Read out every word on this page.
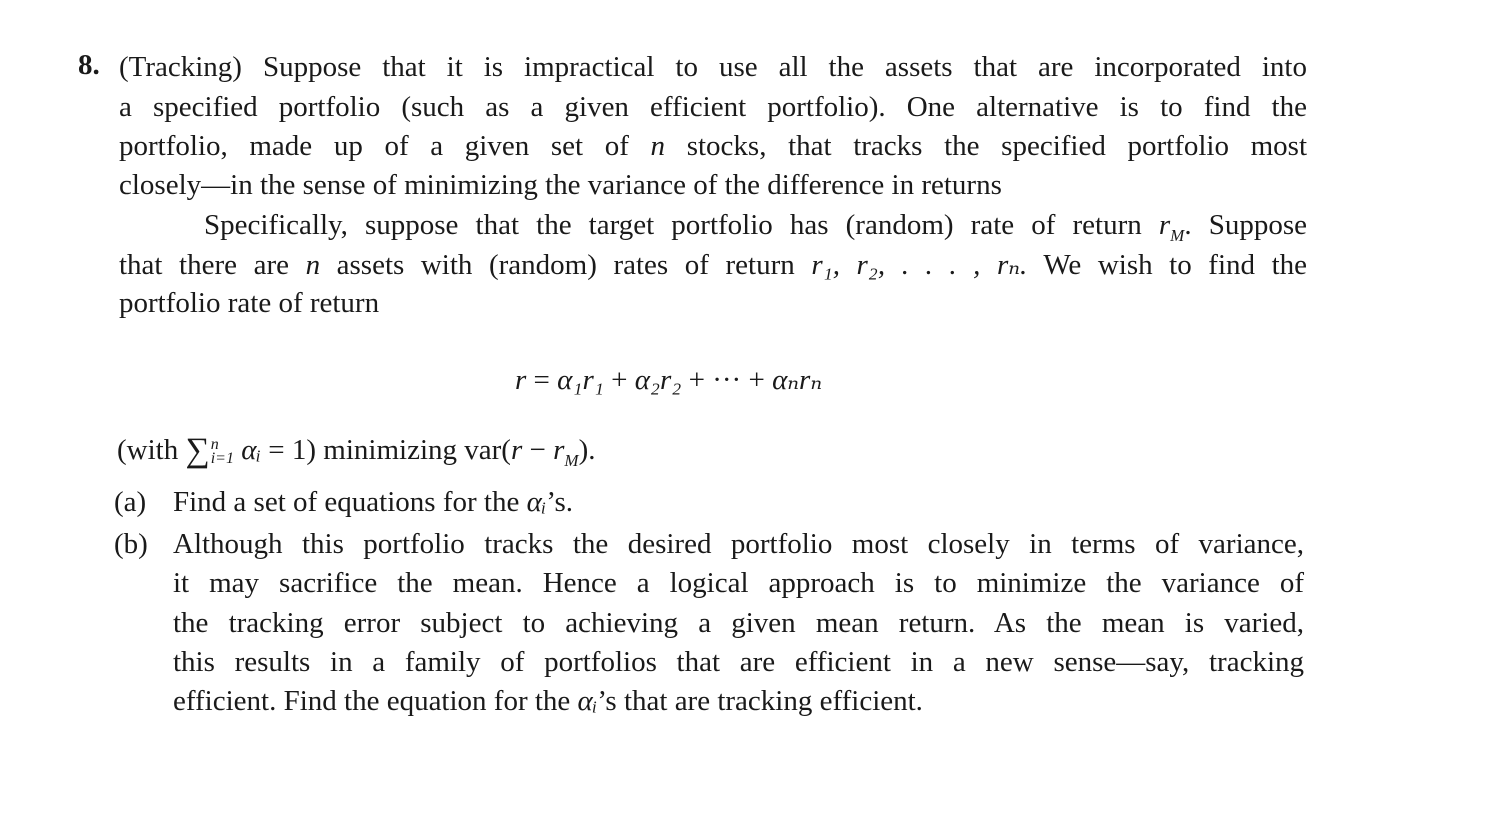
8. (Tracking) Suppose that it is impractical to use all the assets that are incorporated into
a specified portfolio (such as a given efficient portfolio). One alternative is to find the
portfolio, made up of a given set of n stocks, that tracks the specified portfolio most
closely—in the sense of minimizing the variance of the difference in returns
Specifically, suppose that the target portfolio has (random) rate of return $r_M$. Suppose
that there are n assets with (random) rates of return r₁, r₂, . . . , rₙ. We wish to find the
portfolio rate of return
r = α₁r₁ + α₂r₂ + ··· + αₙrₙ
(with ∑ n
i=1 αᵢ = 1) minimizing $var(r - r_M)$.
(a) Find a set of equations for the αᵢ’s.
(b) Although this portfolio tracks the desired portfolio most closely in terms of variance,
it may sacrifice the mean. Hence a logical approach is to minimize the variance of
the tracking error subject to achieving a given mean return. As the mean is varied,
this results in a family of portfolios that are efficient in a new sense—say, tracking
efficient. Find the equation for the αᵢ’s that are tracking efficient.
